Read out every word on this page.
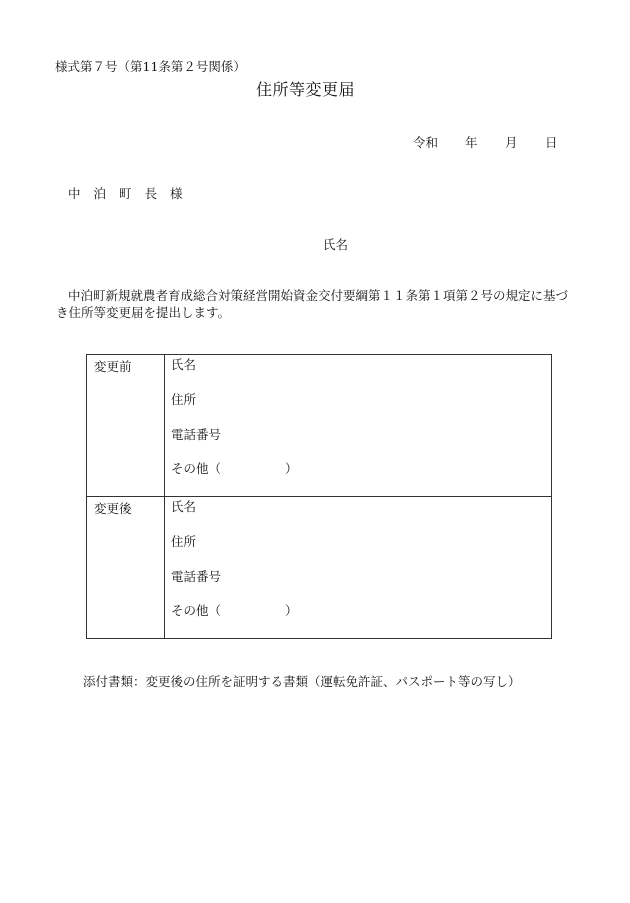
様式第７号（第11条第２号関係）
住所等変更届
令和 年 月 日
中泊町長様
氏名
中泊町新規就農者育成総合対策経営開始資金交付要綱第１１条第１項第２号の規定に基づき住所等変更届を提出します。
変更前	氏名
住所
電話番号
その他（ ）

変更後	氏名
住所
電話番号
その他（ ）
添付書類：変更後の住所を証明する書類（運転免許証、パスポート等の写し）
